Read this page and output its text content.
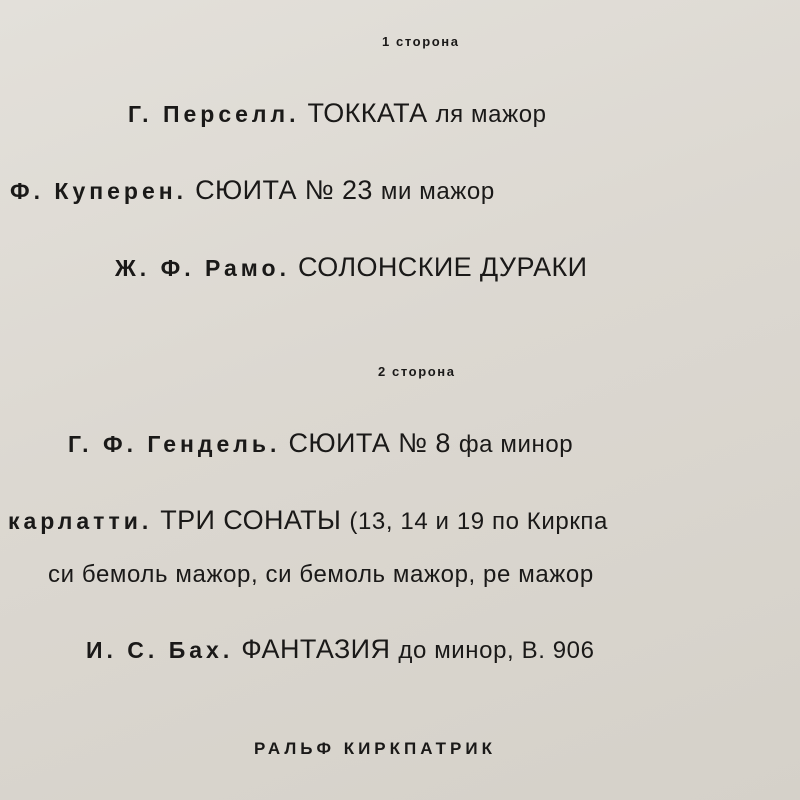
1 сторона
Г. Перселл. ТОККАТА ля мажор
Ф. Куперен. СЮИТА № 23 ми мажор
Ж. Ф. Рамо. СОЛОНСКИЕ ДУРАКИ
2 сторона
Г. Ф. Гендель. СЮИТА № 8 фа минор
карлатти. ТРИ СОНАТЫ (13, 14 и 19 по Киркпа
си бемоль мажор, си бемоль мажор, ре мажор
И. С. Бах. ФАНТАЗИЯ до минор, B. 906
РАЛЬФ КИРКПАТРИК
